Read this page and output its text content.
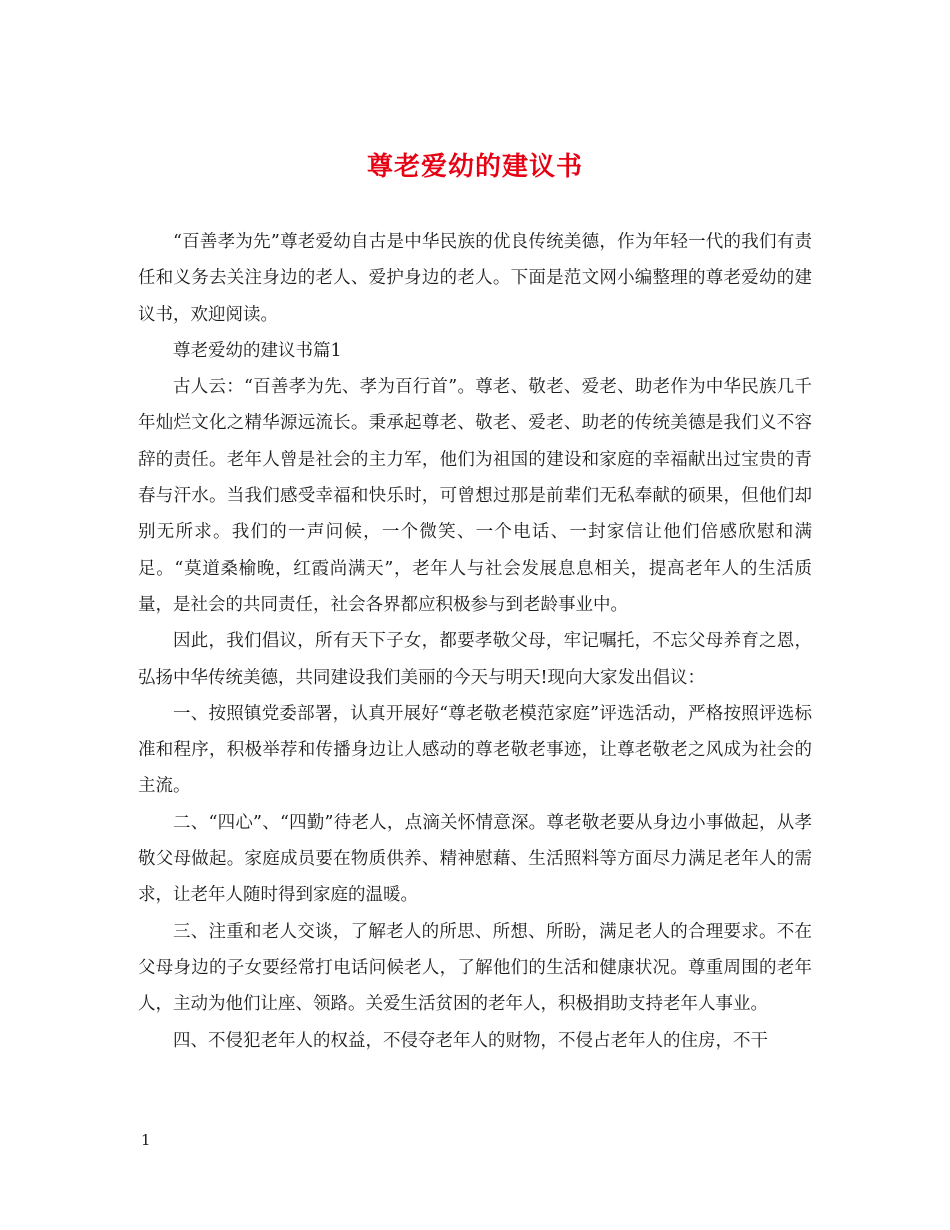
尊老爱幼的建议书

“百善孝为先”尊老爱幼自古是中华民族的优良传统美德，作为年轻一代的我们有责任和义务去关注身边的老人、爱护身边的老人。下面是范文网小编整理的尊老爱幼的建议书，欢迎阅读。

尊老爱幼的建议书篇1

古人云：“百善孝为先、孝为百行首”。尊老、敬老、爱老、助老作为中华民族几千年灿烂文化之精华源远流长。秉承起尊老、敬老、爱老、助老的传统美德是我们义不容辞的责任。老年人曾是社会的主力军，他们为祖国的建设和家庭的幸福献出过宝贵的青春与汗水。当我们感受幸福和快乐时，可曾想过那是前辈们无私奉献的硕果，但他们却别无所求。我们的一声问候，一个微笑、一个电话、一封家信让他们倍感欣慰和满足。“莫道桑榆晚，红霞尚满天”，老年人与社会发展息息相关，提高老年人的生活质量，是社会的共同责任，社会各界都应积极参与到老龄事业中。

因此，我们倡议，所有天下子女，都要孝敬父母，牢记嘱托，不忘父母养育之恩，弘扬中华传统美德，共同建设我们美丽的今天与明天!现向大家发出倡议：

一、按照镇党委部署，认真开展好“尊老敬老模范家庭”评选活动，严格按照评选标准和程序，积极举荐和传播身边让人感动的尊老敬老事迹，让尊老敬老之风成为社会的主流。

二、“四心”、“四勤”待老人，点滴关怀情意深。尊老敬老要从身边小事做起，从孝敬父母做起。家庭成员要在物质供养、精神慰藉、生活照料等方面尽力满足老年人的需求，让老年人随时得到家庭的温暖。

三、注重和老人交谈，了解老人的所思、所想、所盼，满足老人的合理要求。不在父母身边的子女要经常打电话问候老人，了解他们的生活和健康状况。尊重周围的老年人，主动为他们让座、领路。关爱生活贫困的老年人，积极捐助支持老年人事业。

四、不侵犯老年人的权益，不侵夺老年人的财物，不侵占老年人的住房，不干

1
